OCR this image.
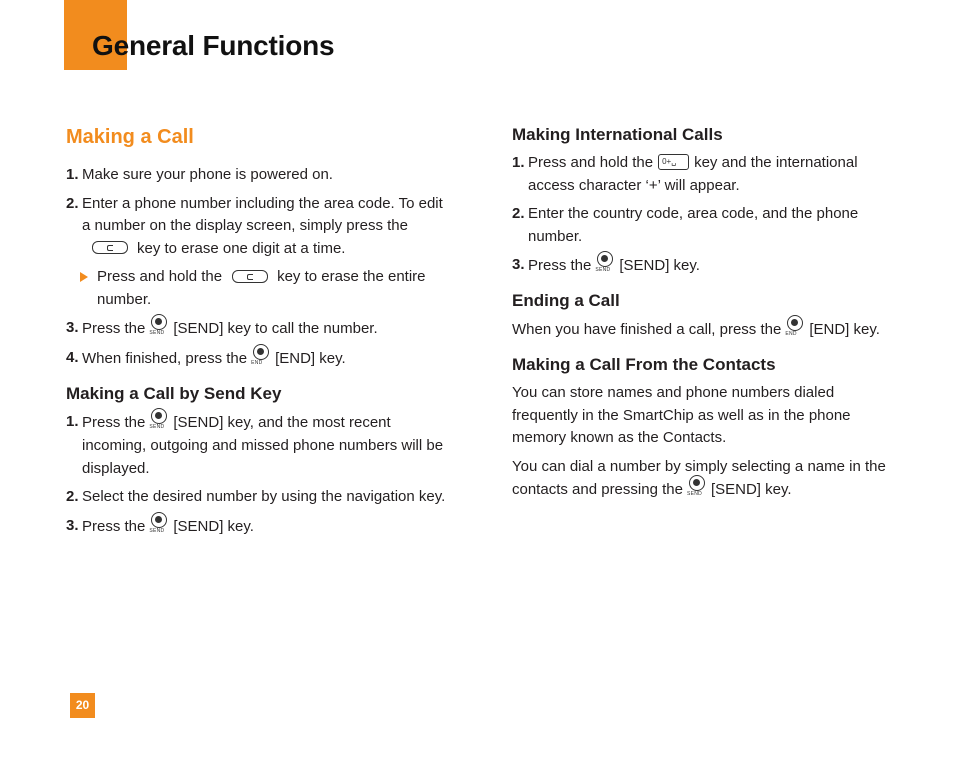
General Functions
Making a Call
1. Make sure your phone is powered on.
2. Enter a phone number including the area code. To edit a number on the display screen, simply press thekey to erase one digit at a time.
Press and hold the	key to erase the entire number.
3. Press the SEND [SEND] key to call the number.
4. When finished, press the END [END] key.
Making a Call by Send Key
1. Press the SEND [SEND] key, and the most recent incoming, outgoing and missed phone numbers will be displayed.
2. Select the desired number by using the navigation key.
3. Press the SEND [SEND] key.
Making International Calls
1. Press and hold the 0+␣ key and the international access character ‘+’ will appear.
2. Enter the country code, area code, and the phone number.
3. Press the SEND [SEND] key.
Ending a Call
When you have finished a call, press the END [END] key.
Making a Call From the Contacts
You can store names and phone numbers dialed frequently in the SmartChip as well as in the phone memory known as the Contacts.
You can dial a number by simply selecting a name in the contacts and pressing the SEND [SEND] key.
20
